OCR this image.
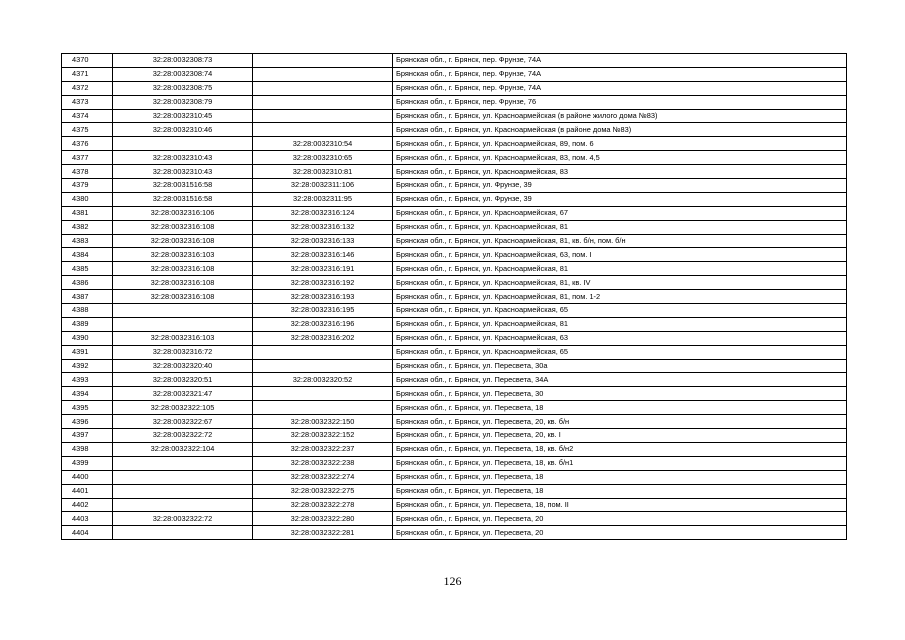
4370	32:28:0032308:73		Брянская обл., г. Брянск, пер. Фрунзе, 74А
4371	32:28:0032308:74		Брянская обл., г. Брянск, пер. Фрунзе, 74А
4372	32:28:0032308:75		Брянская обл., г. Брянск, пер. Фрунзе, 74А
4373	32:28:0032308:79		Брянская обл., г. Брянск, пер. Фрунзе, 76
4374	32:28:0032310:45		Брянская обл., г. Брянск, ул. Красноармейская (в районе жилого дома №83)
4375	32:28:0032310:46		Брянская обл., г. Брянск, ул. Красноармейская (в районе дома №83)
4376		32:28:0032310:54	Брянская обл., г. Брянск, ул. Красноармейская, 89, пом. 6
4377	32:28:0032310:43	32:28:0032310:65	Брянская обл., г. Брянск, ул. Красноармейская, 83, пом. 4,5
4378	32:28:0032310:43	32:28:0032310:81	Брянская обл., г. Брянск, ул. Красноармейская, 83
4379	32:28:0031516:58	32:28:0032311:106	Брянская обл., г. Брянск, ул. Фрунзе, 39
4380	32:28:0031516:58	32:28:0032311:95	Брянская обл., г. Брянск, ул. Фрунзе, 39
4381	32:28:0032316:106	32:28:0032316:124	Брянская обл., г. Брянск, ул. Красноармейская, 67
4382	32:28:0032316:108	32:28:0032316:132	Брянская обл., г. Брянск, ул. Красноармейская, 81
4383	32:28:0032316:108	32:28:0032316:133	Брянская обл., г. Брянск, ул. Красноармейская, 81, кв. б/н, пом. б/н
4384	32:28:0032316:103	32:28:0032316:146	Брянская обл., г. Брянск, ул. Красноармейская, 63, пом. I
4385	32:28:0032316:108	32:28:0032316:191	Брянская обл., г. Брянск, ул. Красноармейская, 81
4386	32:28:0032316:108	32:28:0032316:192	Брянская обл., г. Брянск, ул. Красноармейская, 81, кв. IV
4387	32:28:0032316:108	32:28:0032316:193	Брянская обл., г. Брянск, ул. Красноармейская, 81, пом. 1-2
4388		32:28:0032316:195	Брянская обл., г. Брянск, ул. Красноармейская, 65
4389		32:28:0032316:196	Брянская обл., г. Брянск, ул. Красноармейская, 81
4390	32:28:0032316:103	32:28:0032316:202	Брянская обл., г. Брянск, ул. Красноармейская, 63
4391	32:28:0032316:72		Брянская обл., г. Брянск, ул. Красноармейская, 65
4392	32:28:0032320:40		Брянская обл., г. Брянск, ул. Пересвета, 30а
4393	32:28:0032320:51	32:28:0032320:52	Брянская обл., г. Брянск, ул. Пересвета, 34А
4394	32:28:0032321:47		Брянская обл., г. Брянск, ул. Пересвета, 30
4395	32:28:0032322:105		Брянская обл., г. Брянск, ул. Пересвета, 18
4396	32:28:0032322:67	32:28:0032322:150	Брянская обл., г. Брянск, ул. Пересвета, 20, кв. б/н
4397	32:28:0032322:72	32:28:0032322:152	Брянская обл., г. Брянск, ул. Пересвета, 20, кв. I
4398	32:28:0032322:104	32:28:0032322:237	Брянская обл., г. Брянск, ул. Пересвета, 18, кв. б/н2
4399		32:28:0032322:238	Брянская обл., г. Брянск, ул. Пересвета, 18, кв. б/н1
4400		32:28:0032322:274	Брянская обл., г. Брянск, ул. Пересвета, 18
4401		32:28:0032322:275	Брянская обл., г. Брянск, ул. Пересвета, 18
4402		32:28:0032322:278	Брянская обл., г. Брянск, ул. Пересвета, 18, пом. II
4403	32:28:0032322:72	32:28:0032322:280	Брянская обл., г. Брянск, ул. Пересвета, 20
4404		32:28:0032322:281	Брянская обл., г. Брянск, ул. Пересвета, 20
126
